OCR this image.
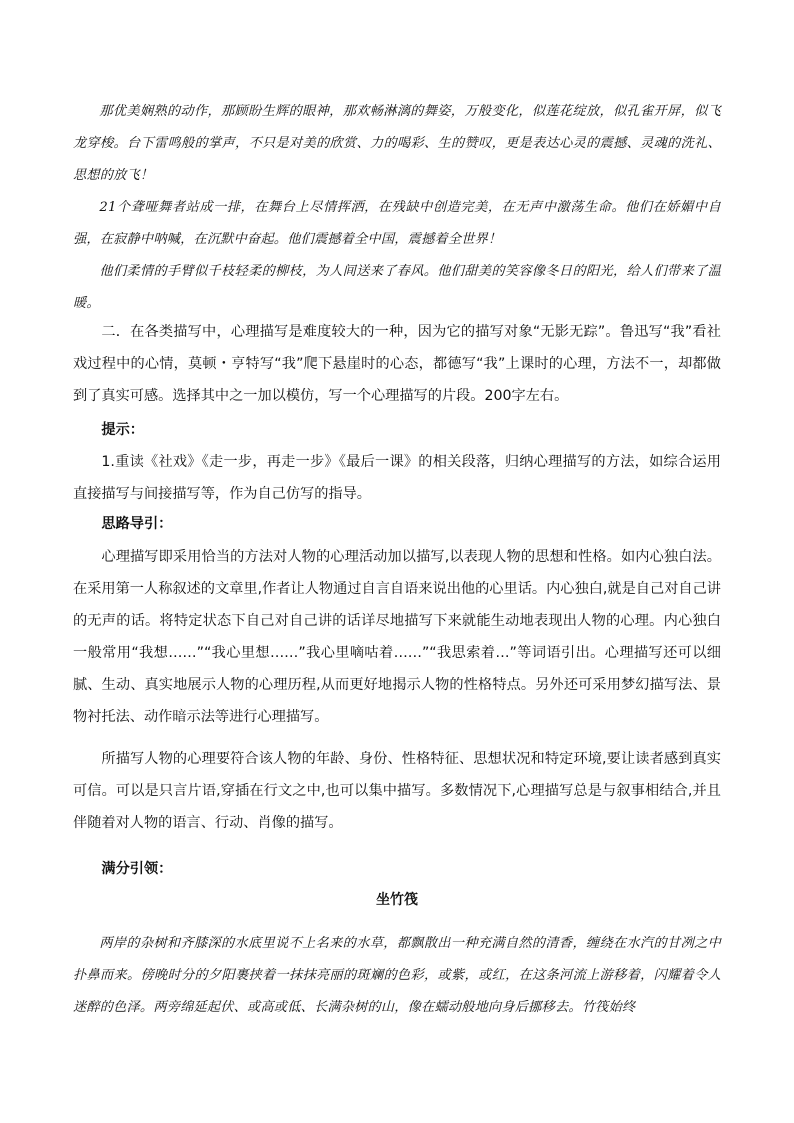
那优美娴熟的动作，那顾盼生辉的眼神，那欢畅淋漓的舞姿，万般变化，似莲花绽放，似孔雀开屏，似飞龙穿梭。台下雷鸣般的掌声，不只是对美的欣赏、力的喝彩、生的赞叹，更是表达心灵的震撼、灵魂的洗礼、思想的放飞！

21个聋哑舞者站成一排，在舞台上尽情挥洒，在残缺中创造完美，在无声中激荡生命。他们在娇媚中自强，在寂静中呐喊，在沉默中奋起。他们震撼着全中国，震撼着全世界！

他们柔情的手臂似千枝轻柔的柳枝，为人间送来了春风。他们甜美的笑容像冬日的阳光，给人们带来了温暖。

二．在各类描写中，心理描写是难度较大的一种，因为它的描写对象“无影无踪”。鲁迅写“我”看社戏过程中的心情，莫顿・亨特写“我”爬下悬崖时的心态，都德写“我”上课时的心理，方法不一，却都做到了真实可感。选择其中之一加以模仿，写一个心理描写的片段。200字左右。

提示：

1.重读《社戏》《走一步，再走一步》《最后一课》的相关段落，归纳心理描写的方法，如综合运用直接描写与间接描写等，作为自己仿写的指导。

思路导引：

心理描写即采用恰当的方法对人物的心理活动加以描写,以表现人物的思想和性格。如内心独白法。在采用第一人称叙述的文章里,作者让人物通过自言自语来说出他的心里话。内心独白,就是自己对自己讲的无声的话。将特定状态下自己对自己讲的话详尽地描写下来就能生动地表现出人物的心理。内心独白一般常用“我想……”“我心里想……”我心里嘀咕着……”“我思索着…”等词语引出。心理描写还可以细腻、生动、真实地展示人物的心理历程,从而更好地揭示人物的性格特点。另外还可采用梦幻描写法、景物衬托法、动作暗示法等进行心理描写。

所描写人物的心理要符合该人物的年龄、身份、性格特征、思想状况和特定环境,要让读者感到真实可信。可以是只言片语,穿插在行文之中,也可以集中描写。多数情况下,心理描写总是与叙事相结合,并且伴随着对人物的语言、行动、肖像的描写。

满分引领：

坐竹筏

两岸的杂树和齐膝深的水底里说不上名来的水草，都飘散出一种充满自然的清香，缠绕在水汽的甘冽之中扑鼻而来。傍晚时分的夕阳裹挟着一抹抹亮丽的斑斓的色彩，或紫，或红，在这条河流上游移着，闪耀着令人迷醉的色泽。两旁绵延起伏、或高或低、长满杂树的山，像在蠕动般地向身后挪移去。竹筏始终
